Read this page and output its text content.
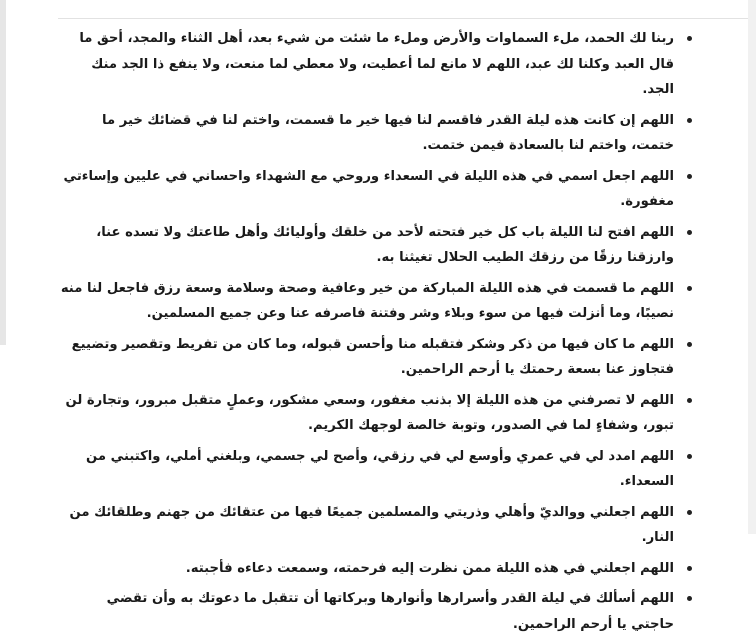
ربنا لك الحمد، ملء السماوات والأرض وملء ما شئت من شيء بعد، أهل الثناء والمجد، أحق ما قال العبد وكلنا لك عبد، اللهم لا مانع لما أعطيت، ولا معطي لما منعت، ولا ينفع ذا الجد منك الجد.
اللهم إن كانت هذه ليلة القدر فاقسم لنا فيها خير ما قسمت، واختم لنا في قضائك خير ما ختمت، واختم لنا بالسعادة فيمن ختمت.
اللهم اجعل اسمي في هذه الليلة في السعداء وروحي مع الشهداء واحساني في عليين وإساءتي مغفورة.
اللهم افتح لنا الليلة باب كل خير فتحته لأحد من خلقك وأوليائك وأهل طاعتك ولا تسده عنا، وارزقنا رزقًا من رزقك الطيب الحلال تغيثنا به.
اللهم ما قسمت في هذه الليلة المباركة من خير وعافية وصحة وسلامة وسعة رزق فاجعل لنا منه نصيبًا، وما أنزلت فيها من سوء وبلاء وشر وفتنة فاصرفه عنا وعن جميع المسلمين.
اللهم ما كان فيها من ذكر وشكر فتقبله منا وأحسن قبوله، وما كان من تفريط وتقصير وتضييع فتجاوز عنا بسعة رحمتك يا أرحم الراحمين.
اللهم لا تصرفني من هذه الليلة إلا بذنب مغفور، وسعي مشكور، وعملٍ متقبل مبرور، وتجارة لن تبور، وشفاءٍ لما في الصدور، وتوبة خالصة لوجهك الكريم.
اللهم امدد لي في عمري وأوسع لي في رزقي، وأصح لي جسمي، وبلغني أملي، واكتبني من السعداء.
اللهم اجعلني ووالديّ وأهلي وذريتي والمسلمين جميعًا فيها من عتقائك من جهنم وطلقائك من النار.
اللهم اجعلني في هذه الليلة ممن نظرت إليه فرحمته، وسمعت دعاءه فأجبته.
اللهم أسألك في ليلة القدر وأسرارها وأنوارها وبركاتها أن تتقبل ما دعوتك به وأن تقضي حاجتي يا أرحم الراحمين.
